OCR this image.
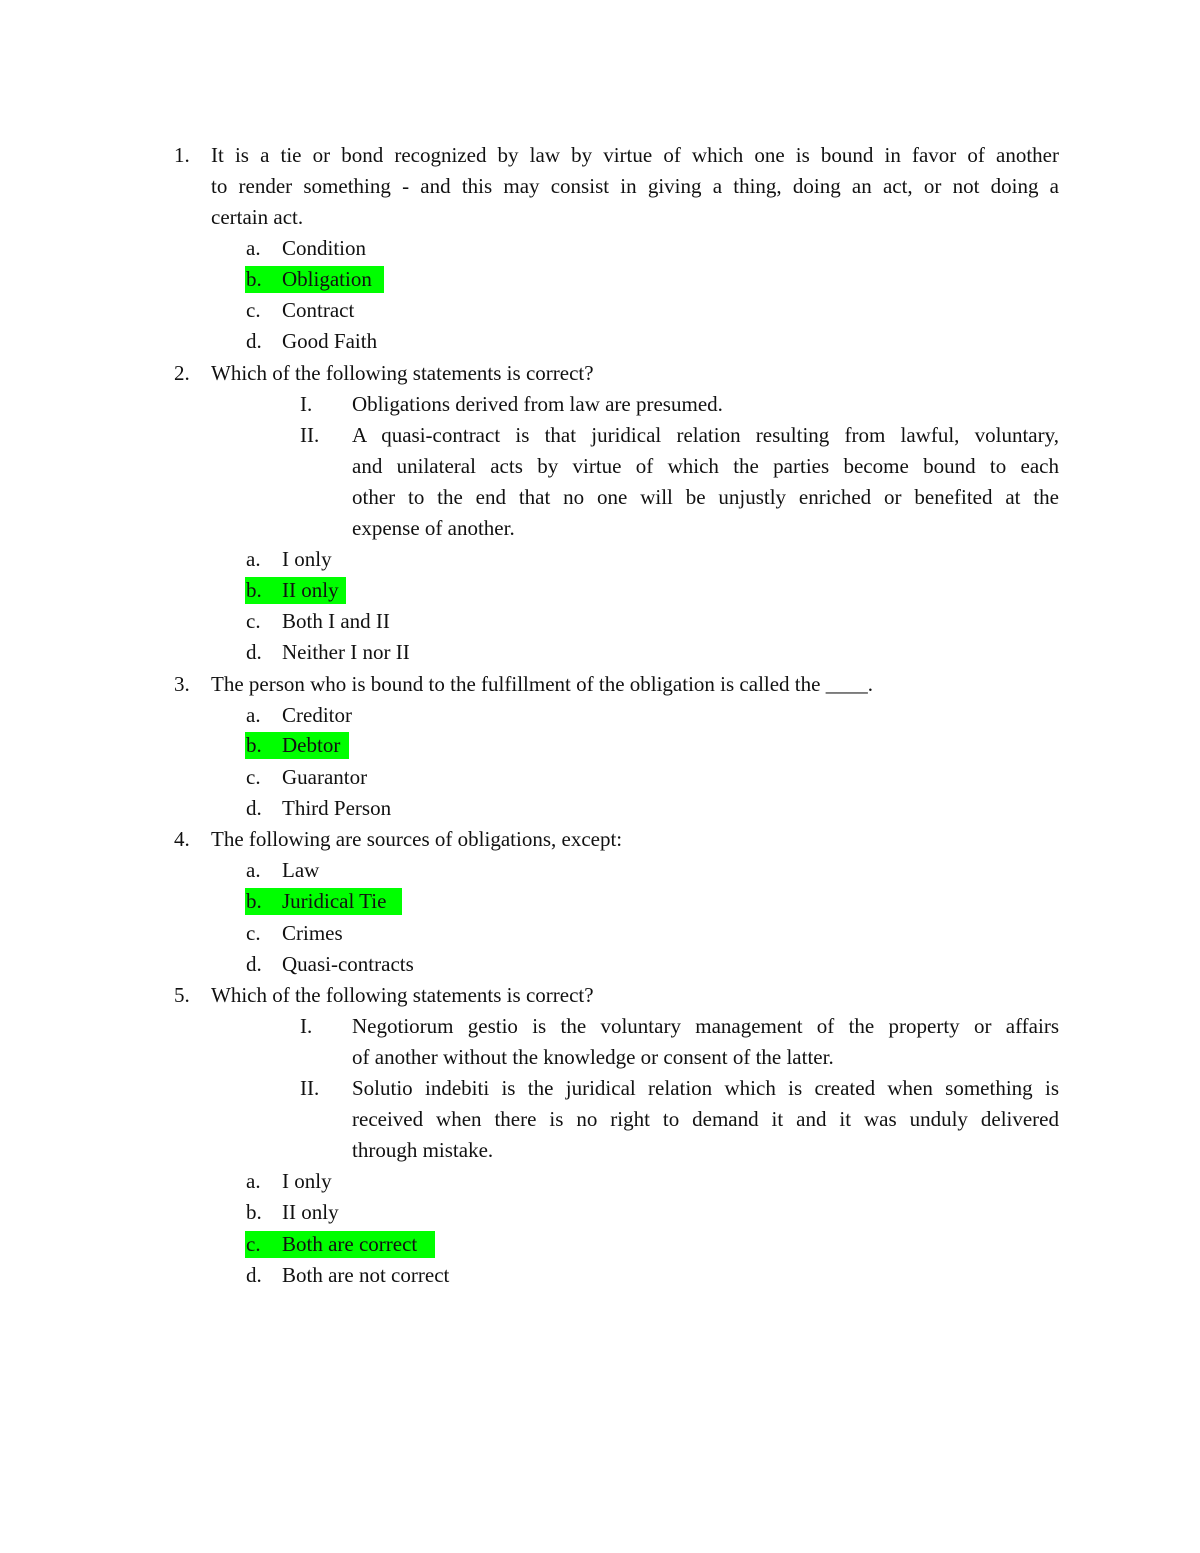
1. It is a tie or bond recognized by law by virtue of which one is bound in favor of another
to render something - and this may consist in giving a thing, doing an act, or not doing a
certain act.
a. Condition
b. Obligation
c. Contract
d. Good Faith
2. Which of the following statements is correct?
I. Obligations derived from law are presumed.
II. A quasi-contract is that juridical relation resulting from lawful, voluntary,
and unilateral acts by virtue of which the parties become bound to each
other to the end that no one will be unjustly enriched or benefited at the
expense of another.
a. I only
b. II only
c. Both I and II
d. Neither I nor II
3. The person who is bound to the fulfillment of the obligation is called the ____.
a. Creditor
b. Debtor
c. Guarantor
d. Third Person
4. The following are sources of obligations, except:
a. Law
b. Juridical Tie
c. Crimes
d. Quasi-contracts
5. Which of the following statements is correct?
I. Negotiorum gestio is the voluntary management of the property or affairs
of another without the knowledge or consent of the latter.
II. Solutio indebiti is the juridical relation which is created when something is
received when there is no right to demand it and it was unduly delivered
through mistake.
a. I only
b. II only
c. Both are correct
d. Both are not correct
